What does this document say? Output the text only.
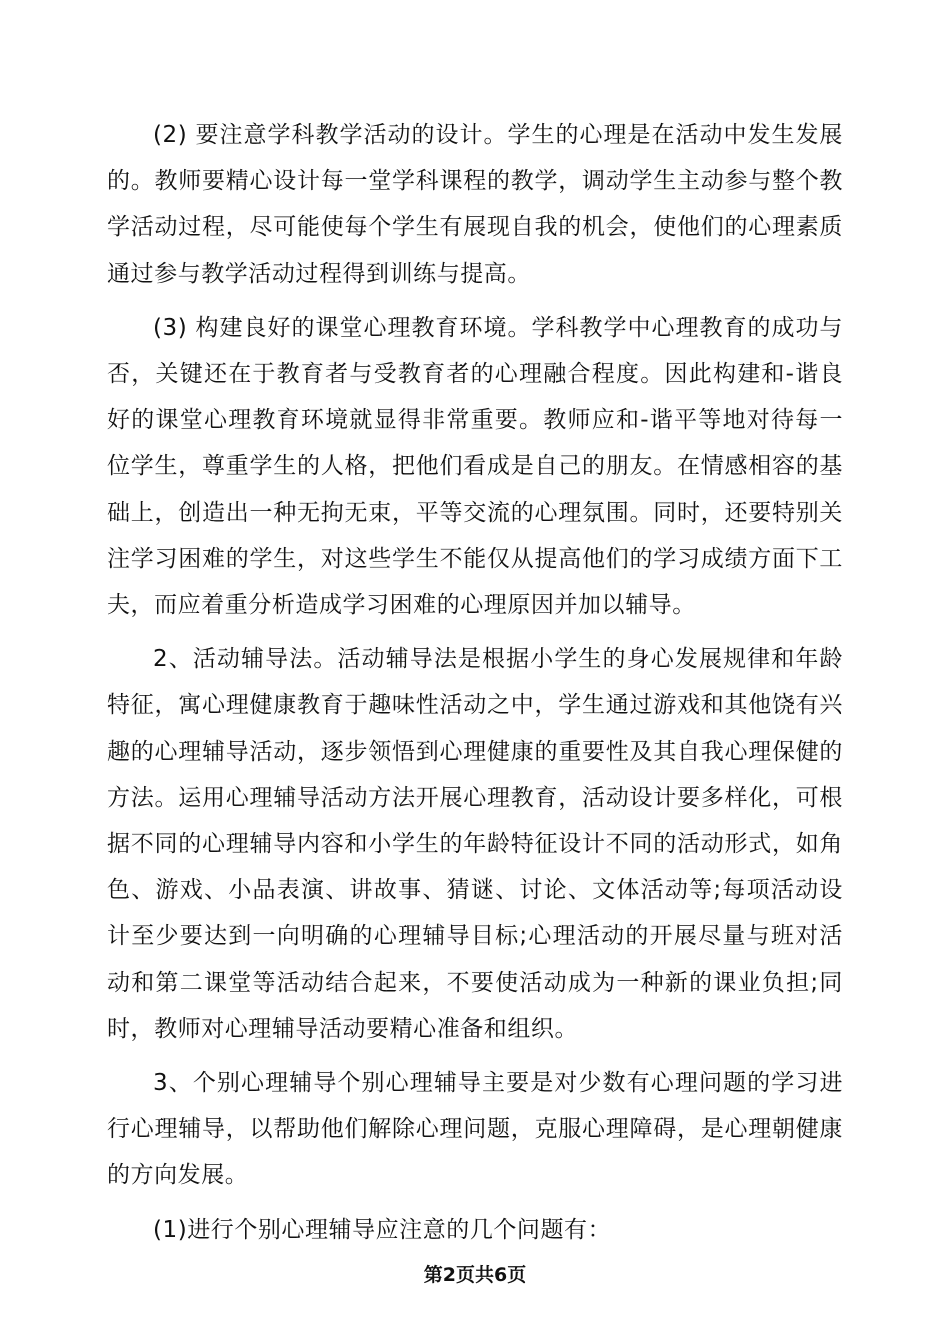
(2) 要注意学科教学活动的设计。学生的心理是在活动中发生发展的。教师要精心设计每一堂学科课程的教学，调动学生主动参与整个教学活动过程，尽可能使每个学生有展现自我的机会，使他们的心理素质通过参与教学活动过程得到训练与提高。

(3) 构建良好的课堂心理教育环境。学科教学中心理教育的成功与否，关键还在于教育者与受教育者的心理融合程度。因此构建和-谐良好的课堂心理教育环境就显得非常重要。教师应和-谐平等地对待每一位学生，尊重学生的人格，把他们看成是自己的朋友。在情感相容的基础上，创造出一种无拘无束，平等交流的心理氛围。同时，还要特别关注学习困难的学生，对这些学生不能仅从提高他们的学习成绩方面下工夫，而应着重分析造成学习困难的心理原因并加以辅导。

2、活动辅导法。活动辅导法是根据小学生的身心发展规律和年龄特征，寓心理健康教育于趣味性活动之中，学生通过游戏和其他饶有兴趣的心理辅导活动，逐步领悟到心理健康的重要性及其自我心理保健的方法。运用心理辅导活动方法开展心理教育，活动设计要多样化，可根据不同的心理辅导内容和小学生的年龄特征设计不同的活动形式，如角色、游戏、小品表演、讲故事、猜谜、讨论、文体活动等;每项活动设计至少要达到一向明确的心理辅导目标;心理活动的开展尽量与班对活动和第二课堂等活动结合起来，不要使活动成为一种新的课业负担;同时，教师对心理辅导活动要精心准备和组织。

3、个别心理辅导个别心理辅导主要是对少数有心理问题的学习进行心理辅导，以帮助他们解除心理问题，克服心理障碍，是心理朝健康的方向发展。

(1)进行个别心理辅导应注意的几个问题有：

第2页共6页
